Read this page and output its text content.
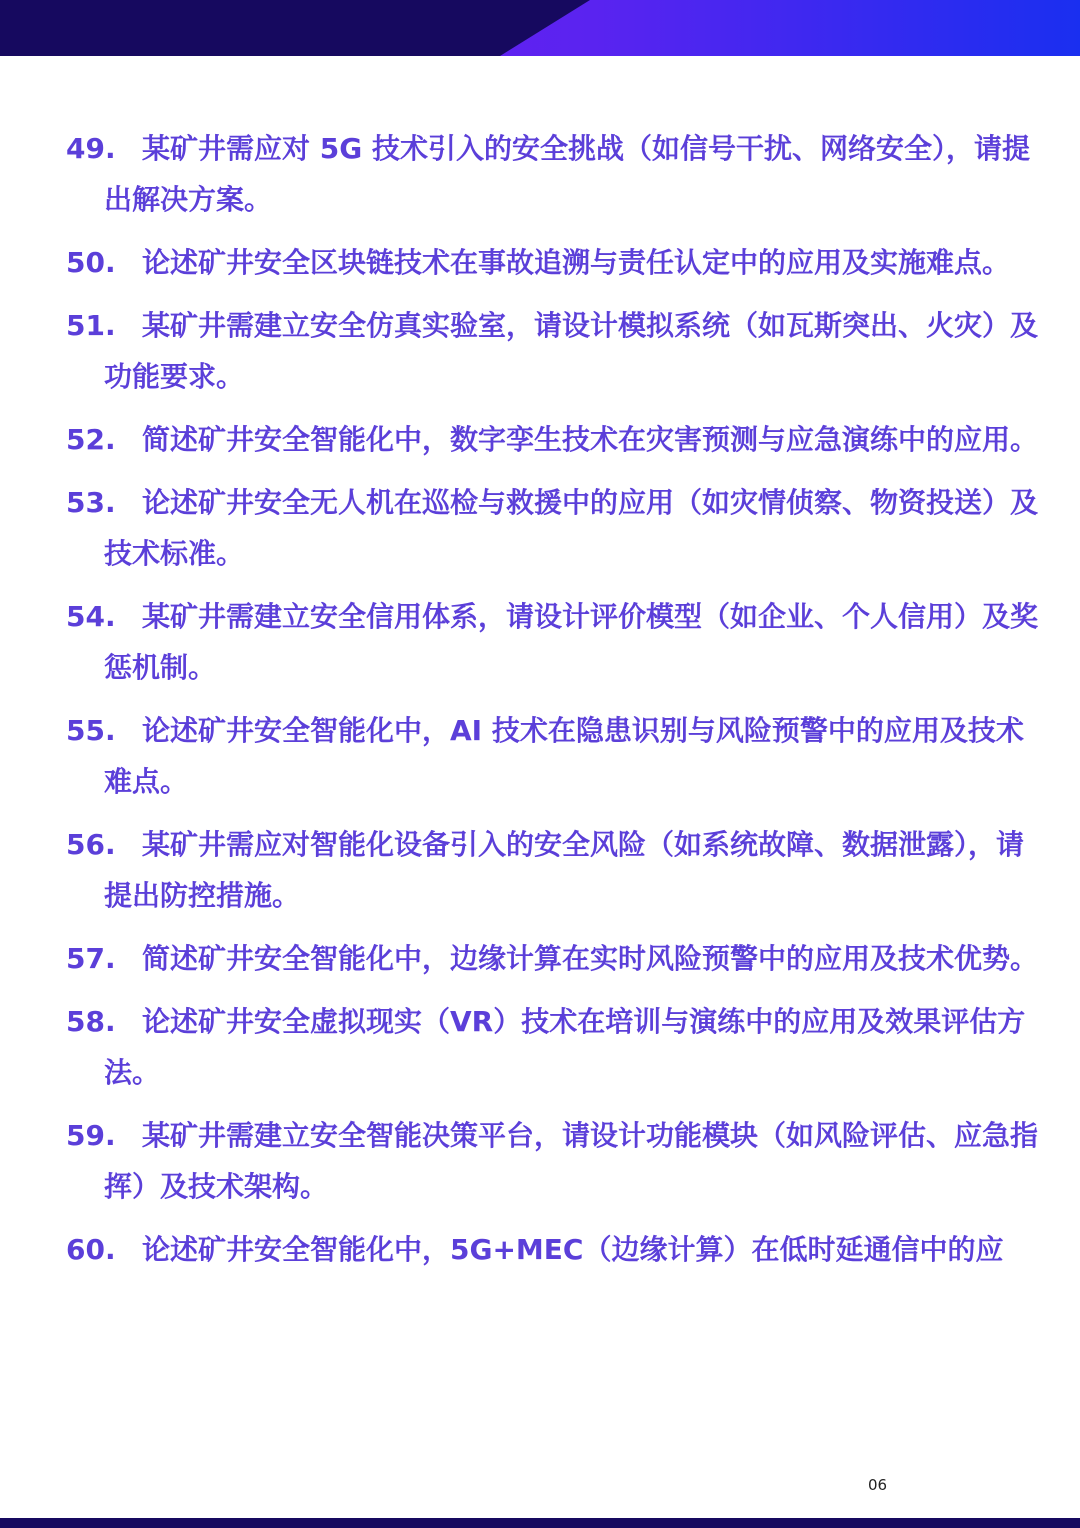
49. 某矿井需应对 5G 技术引入的安全挑战（如信号干扰、网络安全），请提出解决方案。
50. 论述矿井安全区块链技术在事故追溯与责任认定中的应用及实施难点。
51. 某矿井需建立安全仿真实验室，请设计模拟系统（如瓦斯突出、火灾）及功能要求。
52. 简述矿井安全智能化中，数字孪生技术在灾害预测与应急演练中的应用。
53. 论述矿井安全无人机在巡检与救援中的应用（如灾情侦察、物资投送）及技术标准。
54. 某矿井需建立安全信用体系，请设计评价模型（如企业、个人信用）及奖惩机制。
55. 论述矿井安全智能化中，AI 技术在隐患识别与风险预警中的应用及技术难点。
56. 某矿井需应对智能化设备引入的安全风险（如系统故障、数据泄露），请提出防控措施。
57. 简述矿井安全智能化中，边缘计算在实时风险预警中的应用及技术优势。
58. 论述矿井安全虚拟现实（VR）技术在培训与演练中的应用及效果评估方法。
59. 某矿井需建立安全智能决策平台，请设计功能模块（如风险评估、应急指挥）及技术架构。
60. 论述矿井安全智能化中，5G+MEC（边缘计算）在低时延通信中的应
06
